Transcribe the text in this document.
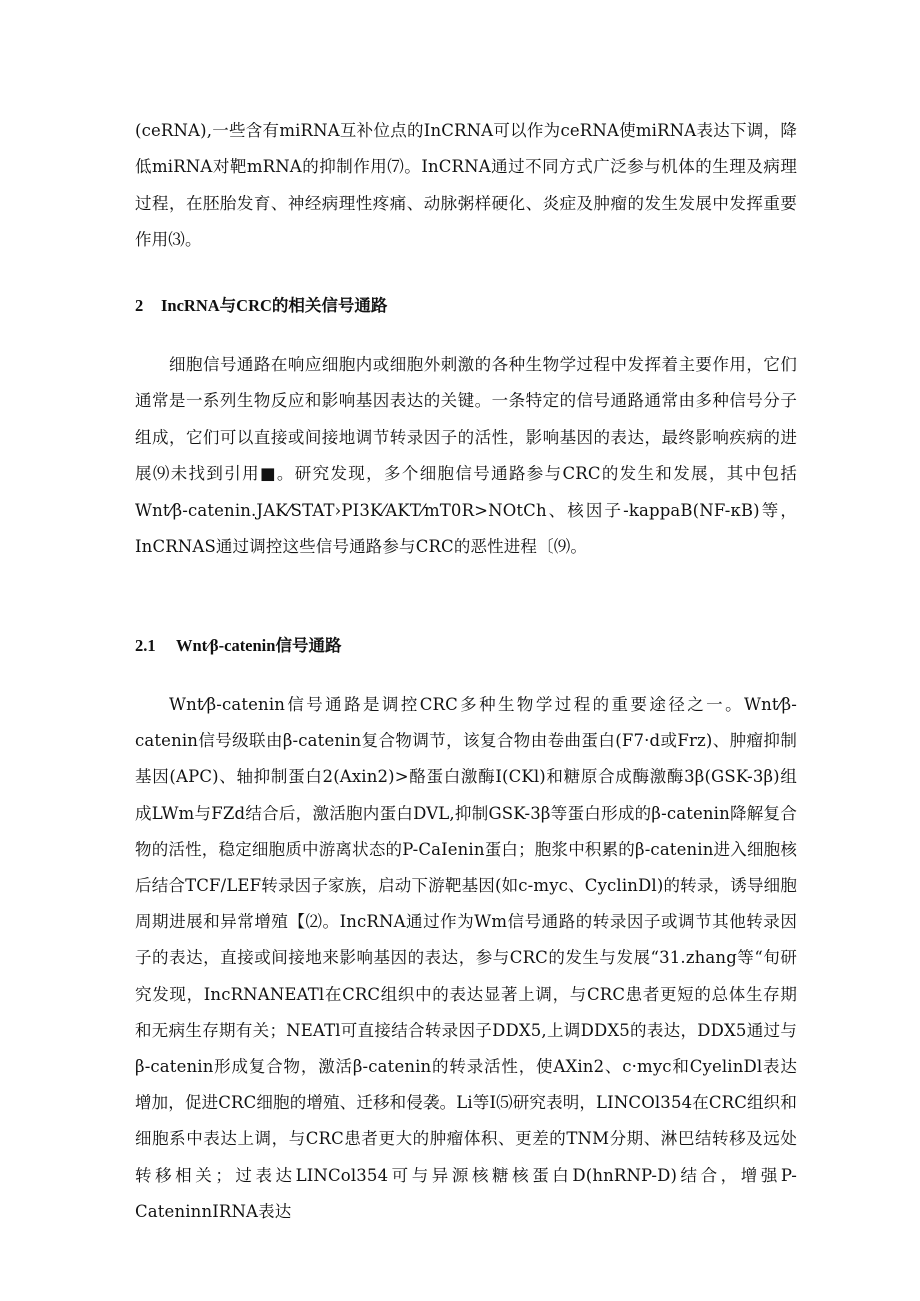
(ceRNA),一些含有miRNA互补位点的InCRNA可以作为ceRNA使miRNA表达下调，降低miRNA对靶mRNA的抑制作用⑺。InCRNA通过不同方式广泛参与机体的生理及病理过程，在胚胎发育、神经病理性疼痛、动脉粥样硬化、炎症及肿瘤的发生发展中发挥重要作用⑶。

2 IncRNA与CRC的相关信号通路

细胞信号通路在响应细胞内或细胞外刺激的各种生物学过程中发挥着主要作用，它们通常是一系列生物反应和影响基因表达的关键。一条特定的信号通路通常由多种信号分子组成，它们可以直接或间接地调节转录因子的活性，影响基因的表达，最终影响疾病的进展⑼未找到引用■。研究发现，多个细胞信号通路参与CRC的发生和发展，其中包括Wnt⁄β-catenin.JAK⁄STAT›PI3K⁄AKT⁄mT0R>NOtCh、核因子-kappaB(NF-κB)等，InCRNAS通过调控这些信号通路参与CRC的恶性进程〔⑼。

2.1 Wnt⁄β-catenin信号通路

Wnt⁄β-catenin信号通路是调控CRC多种生物学过程的重要途径之一。Wnt⁄β-catenin信号级联由β-catenin复合物调节，该复合物由卷曲蛋白(F7·d或Frz)、肿瘤抑制基因(APC)、轴抑制蛋白2(Axin2)>酪蛋白激酶I(CKl)和糖原合成酶激酶3β(GSK-3β)组成LWm与FZd结合后，激活胞内蛋白DVL,抑制GSK-3β等蛋白形成的β-catenin降解复合物的活性，稳定细胞质中游离状态的P-CaIenin蛋白；胞浆中积累的β-catenin进入细胞核后结合TCF/LEF转录因子家族，启动下游靶基因(如c-myc、CyclinDl)的转录，诱导细胞周期进展和异常增殖【⑵。IncRNA通过作为Wm信号通路的转录因子或调节其他转录因子的表达，直接或间接地来影响基因的表达，参与CRC的发生与发展“31.zhang等“旬研究发现，IncRNANEATl在CRC组织中的表达显著上调，与CRC患者更短的总体生存期和无病生存期有关；NEATl可直接结合转录因子DDX5,上调DDX5的表达，DDX5通过与β-catenin形成复合物，激活β-catenin的转录活性，使AXin2、c·myc和CyelinDl表达增加，促进CRC细胞的增殖、迁移和侵袭。Li等I⑸研究表明，LINCOl354在CRC组织和细胞系中表达上调，与CRC患者更大的肿瘤体积、更差的TNM分期、淋巴结转移及远处转移相关；过表达LINCol354可与异源核糖核蛋白D(hnRNP-D)结合，增强P-CateninnIRNA表达
